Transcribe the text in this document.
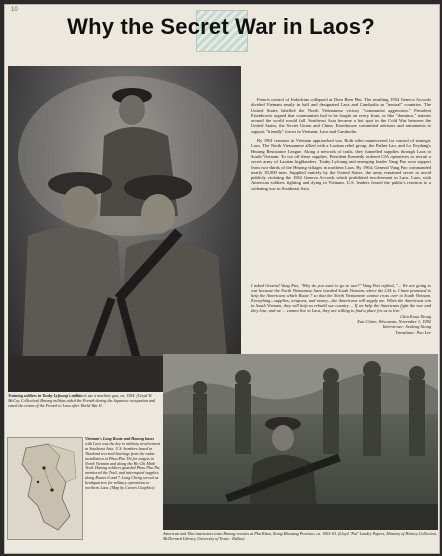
10
Why the Secret War in Laos?

French control of Indochina collapsed at Dien Bien Phu. The resulting 1954 Geneva Accords divided Vietnam neatly in half and designated Laos and Cambodia as "neutral" countries. The United States labelled the North Vietnamese victory "communist aggression." President Eisenhower argued that communism had to be fought on every front, or like "dominos," nations around the world would fall. Southeast Asia became a hot spot in the Cold War between the United States, the Soviet Union and China. Eisenhower committed advisors and armaments to support "friendly" forces in Vietnam, Laos and Cambodia.

By 1961 tensions in Vietnam approached war. Both sides maneuvered for control of strategic Laos. The North Vietnamese allied with a Laotian rebel group, the Pathet Lao, and Lo Feydang's Hmong Resistance League. Along a network of trails, they funnelled supplies through Laos to South Vietnam. To cut off these supplies, President Kennedy ordered CIA operatives to recruit a secret army of Laotian highlanders. Touby Lyfoung and emerging leader Vang Pao won support from two-thirds of the Hmong villages in northern Laos. By 1964, General Vang Pao commanded nearly 30,000 men. Supplied entirely by the United States, the army remained secret to avoid publicly violating the 1962 Geneva Accords which prohibited involvement in Laos. Laos, with American soldiers fighting and dying in Vietnam, U.S. leaders feared the public's reaction to a widening war in Southeast Asia.

I asked General Vang Pao, "Why do you want to go to war?" Vang Pao replied, "... We are going to war because the North Vietnamese have invaded South Vietnam, where the CIA is. I have promised to help the Americans which Route 7 so that the North Vietnamese cannot cross over to South Vietnam. Everything—supplies, weapons, and money—the Americans will supply me. When the Americans win in South Vietnam, they will help us rebuild our country ... If we help the Americans fight the war and they lose, and we ... cannot live in Laos, they are willing to find a place for us to live."
Chia Koua Xiong
Eau Claire, Wisconsin, November 1, 1992
Interviewer: Seuleng Xiong
Translator: Pao Lee
Training soldiers in Touby Lyfoung's militia to use a machine gun, ca. 1954. (Lloyd W. McCoy Collection) Hmong militias aided the French during the Japanese occupation and eased the return of the French to Laos after World War II.
Vietnam's Long Route and Hmong bases with Laos was the key to military involvement in Southeast Asia. U.S. bombers based in Thailand received bearings from the radar installation at Phou Pha Thi for targets in North Vietnam and along the Ho Chi Minh Trail. Hmong soldiers guarded Phou Pha Thi, monitored the Trail, and interrupted supplies along Routes 6 and 7. Long Cheng served as headquarters for military operations in northern Laos. (Map by Carnes Graphics)
American and Thai instructors train Hmong recruits at Pha Khao, Xiong Khouang Province, ca. 1961-63. (Lloyd "Pat" Landry Papers, Ministry of History Collection, McDermott Library, University of Texas - Dallas)
